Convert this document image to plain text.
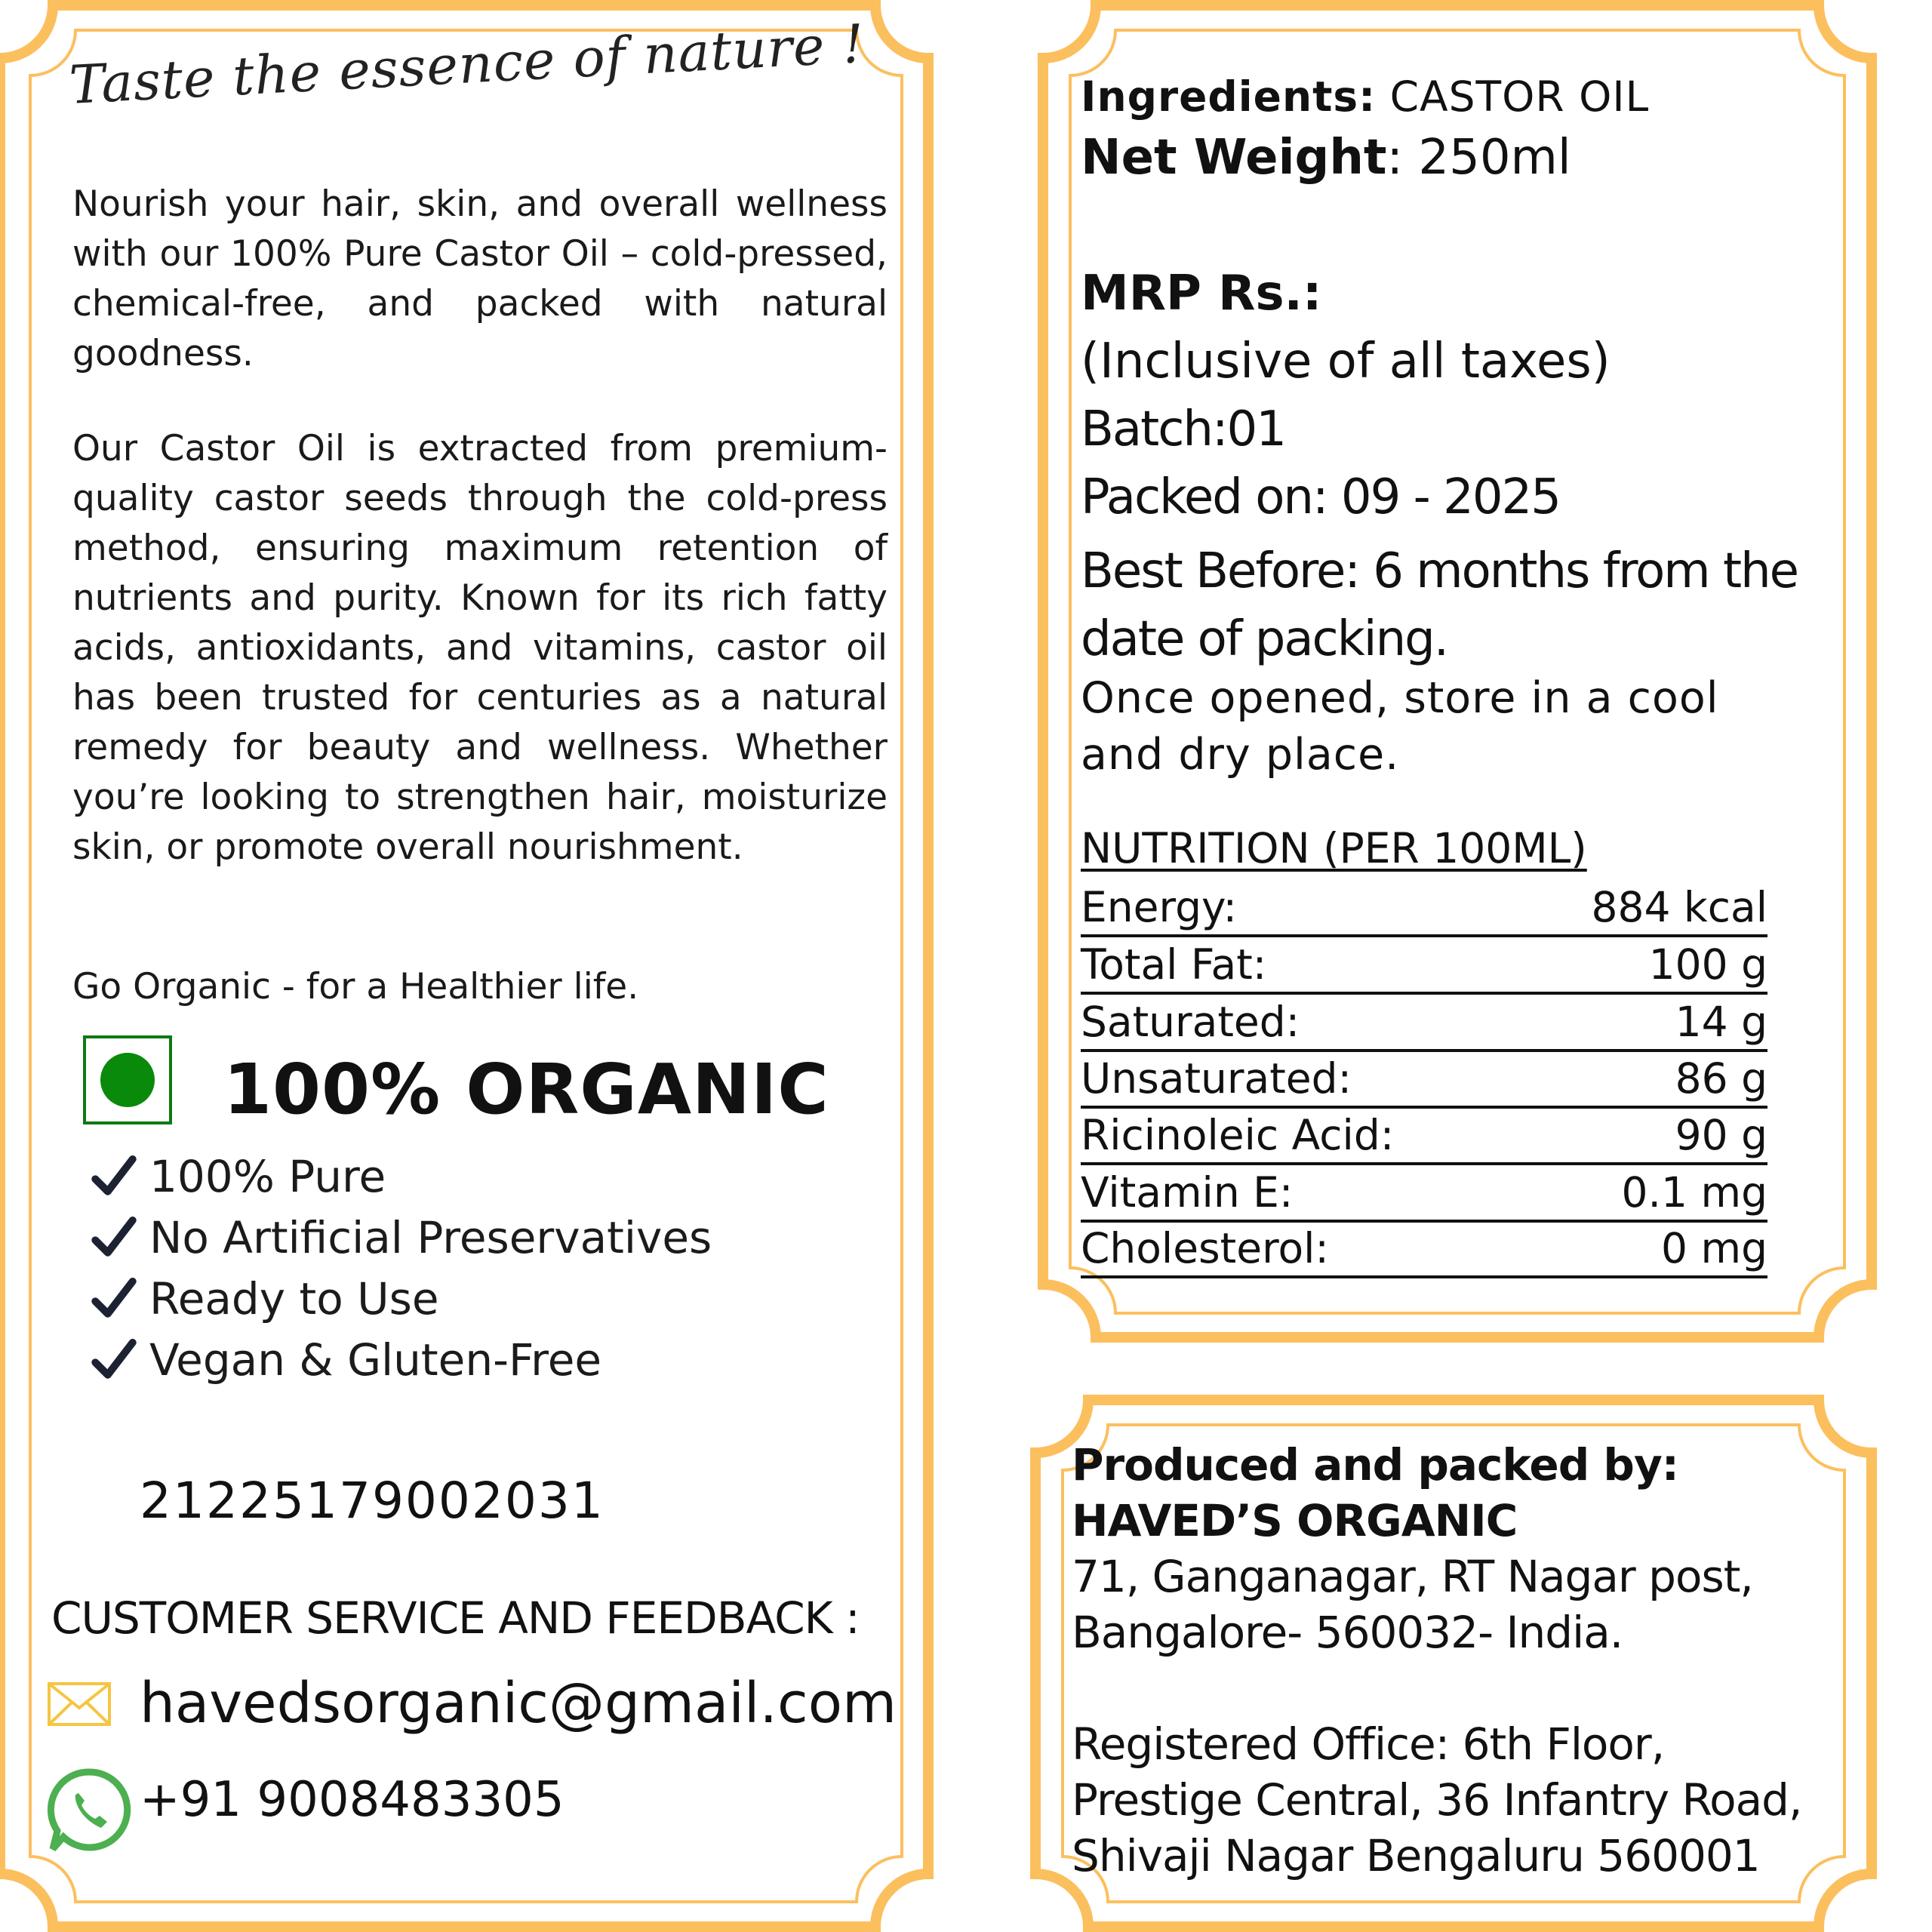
Taste the essence of nature !

Nourish your hair, skin, and overall wellness with our 100% Pure Castor Oil – cold-pressed, chemical-free, and packed with natural goodness.

Our Castor Oil is extracted from premium-quality castor seeds through the cold-press method, ensuring maximum retention of nutrients and purity. Known for its rich fatty acids, antioxidants, and vitamins, castor oil has been trusted for centuries as a natural remedy for beauty and wellness. Whether you’re looking to strengthen hair, moisturize skin, or promote overall nourishment.

Go Organic - for a Healthier life.

100% ORGANIC
100% Pure
No Artificial Preservatives
Ready to Use
Vegan & Gluten-Free
21225179002031
CUSTOMER SERVICE AND FEEDBACK :
havedsorganic@gmail.com
+91 9008483305
Ingredients: CASTOR OIL
Net Weight: 250ml
MRP Rs.:
(Inclusive of all taxes)
Batch:01
Packed on: 09 - 2025
Best Before: 6 months from the date of packing.
Once opened, store in a cool and dry place.
NUTRITION (PER 100ML)
Energy:	884 kcal
Total Fat:	100 g
Saturated:	14 g
Unsaturated:	86 g
Ricinoleic Acid:	90 g
Vitamin E:	0.1 mg
Cholesterol:	0 mg
Produced and packed by:
HAVED’S ORGANIC
71, Ganganagar, RT Nagar post,
Bangalore- 560032- India.
Registered Office: 6th Floor, Prestige Central, 36 Infantry Road, Shivaji Nagar Bengaluru 560001
